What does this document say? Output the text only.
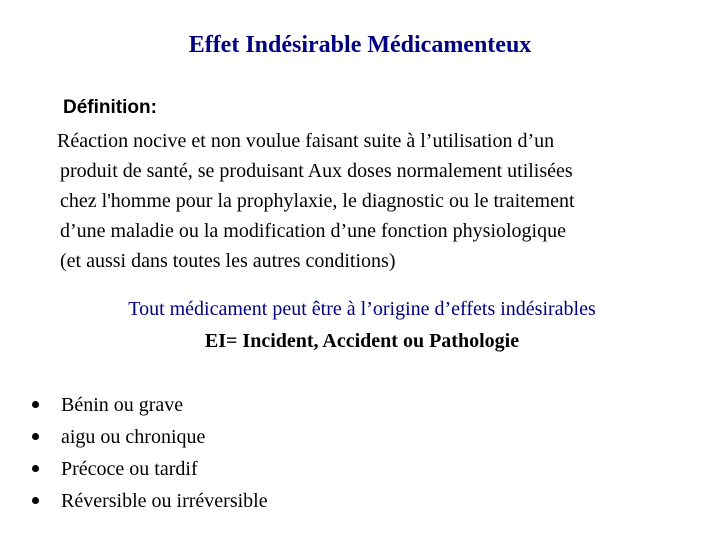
Effet Indésirable Médicamenteux

Définition:

Réaction nocive et non voulue faisant suite à l’utilisation d’un
produit de santé, se produisant Aux doses normalement utilisées
chez l'homme pour la prophylaxie, le diagnostic ou le traitement
d’une maladie ou la modification d’une fonction physiologique
(et aussi dans toutes les autres conditions)

Tout médicament peut être à l’origine d’effets indésirables

EI= Incident, Accident ou Pathologie

Bénin ou grave
aigu ou chronique
Précoce ou tardif
Réversible ou irréversible
